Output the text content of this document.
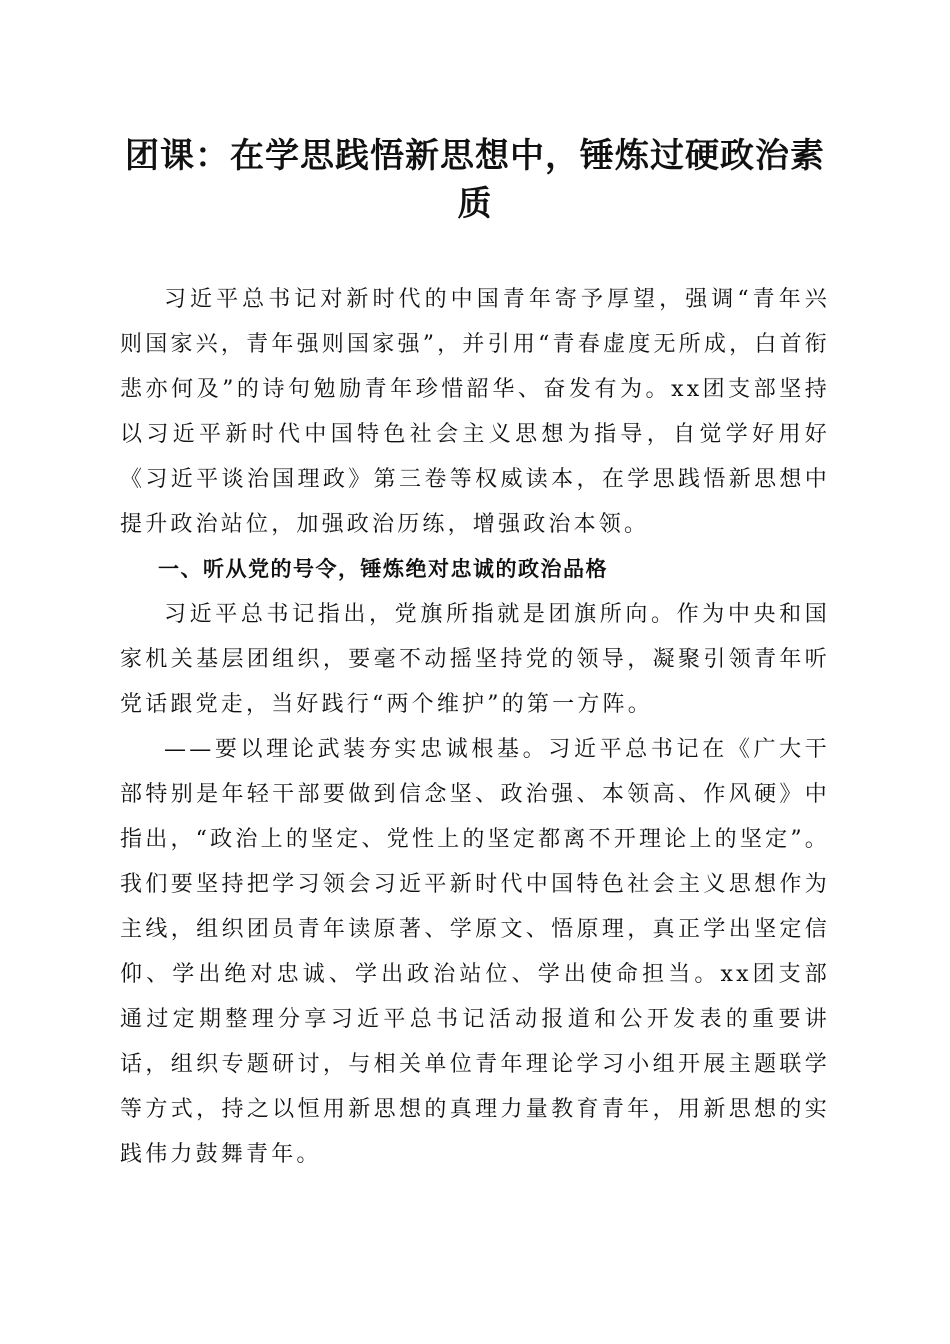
团课：在学思践悟新思想中，锤炼过硬政治素质

习近平总书记对新时代的中国青年寄予厚望，强调“青年兴则国家兴，青年强则国家强”，并引用“青春虚度无所成，白首衔悲亦何及”的诗句勉励青年珍惜韶华、奋发有为。xx团支部坚持以习近平新时代中国特色社会主义思想为指导，自觉学好用好《习近平谈治国理政》第三卷等权威读本，在学思践悟新思想中提升政治站位，加强政治历练，增强政治本领。

一、听从党的号令，锤炼绝对忠诚的政治品格

习近平总书记指出，党旗所指就是团旗所向。作为中央和国家机关基层团组织，要毫不动摇坚持党的领导，凝聚引领青年听党话跟党走，当好践行“两个维护”的第一方阵。

——要以理论武装夯实忠诚根基。习近平总书记在《广大干部特别是年轻干部要做到信念坚、政治强、本领高、作风硬》中指出，“政治上的坚定、党性上的坚定都离不开理论上的坚定”。我们要坚持把学习领会习近平新时代中国特色社会主义思想作为主线，组织团员青年读原著、学原文、悟原理，真正学出坚定信仰、学出绝对忠诚、学出政治站位、学出使命担当。xx团支部通过定期整理分享习近平总书记活动报道和公开发表的重要讲话，组织专题研讨，与相关单位青年理论学习小组开展主题联学等方式，持之以恒用新思想的真理力量教育青年，用新思想的实践伟力鼓舞青年。
